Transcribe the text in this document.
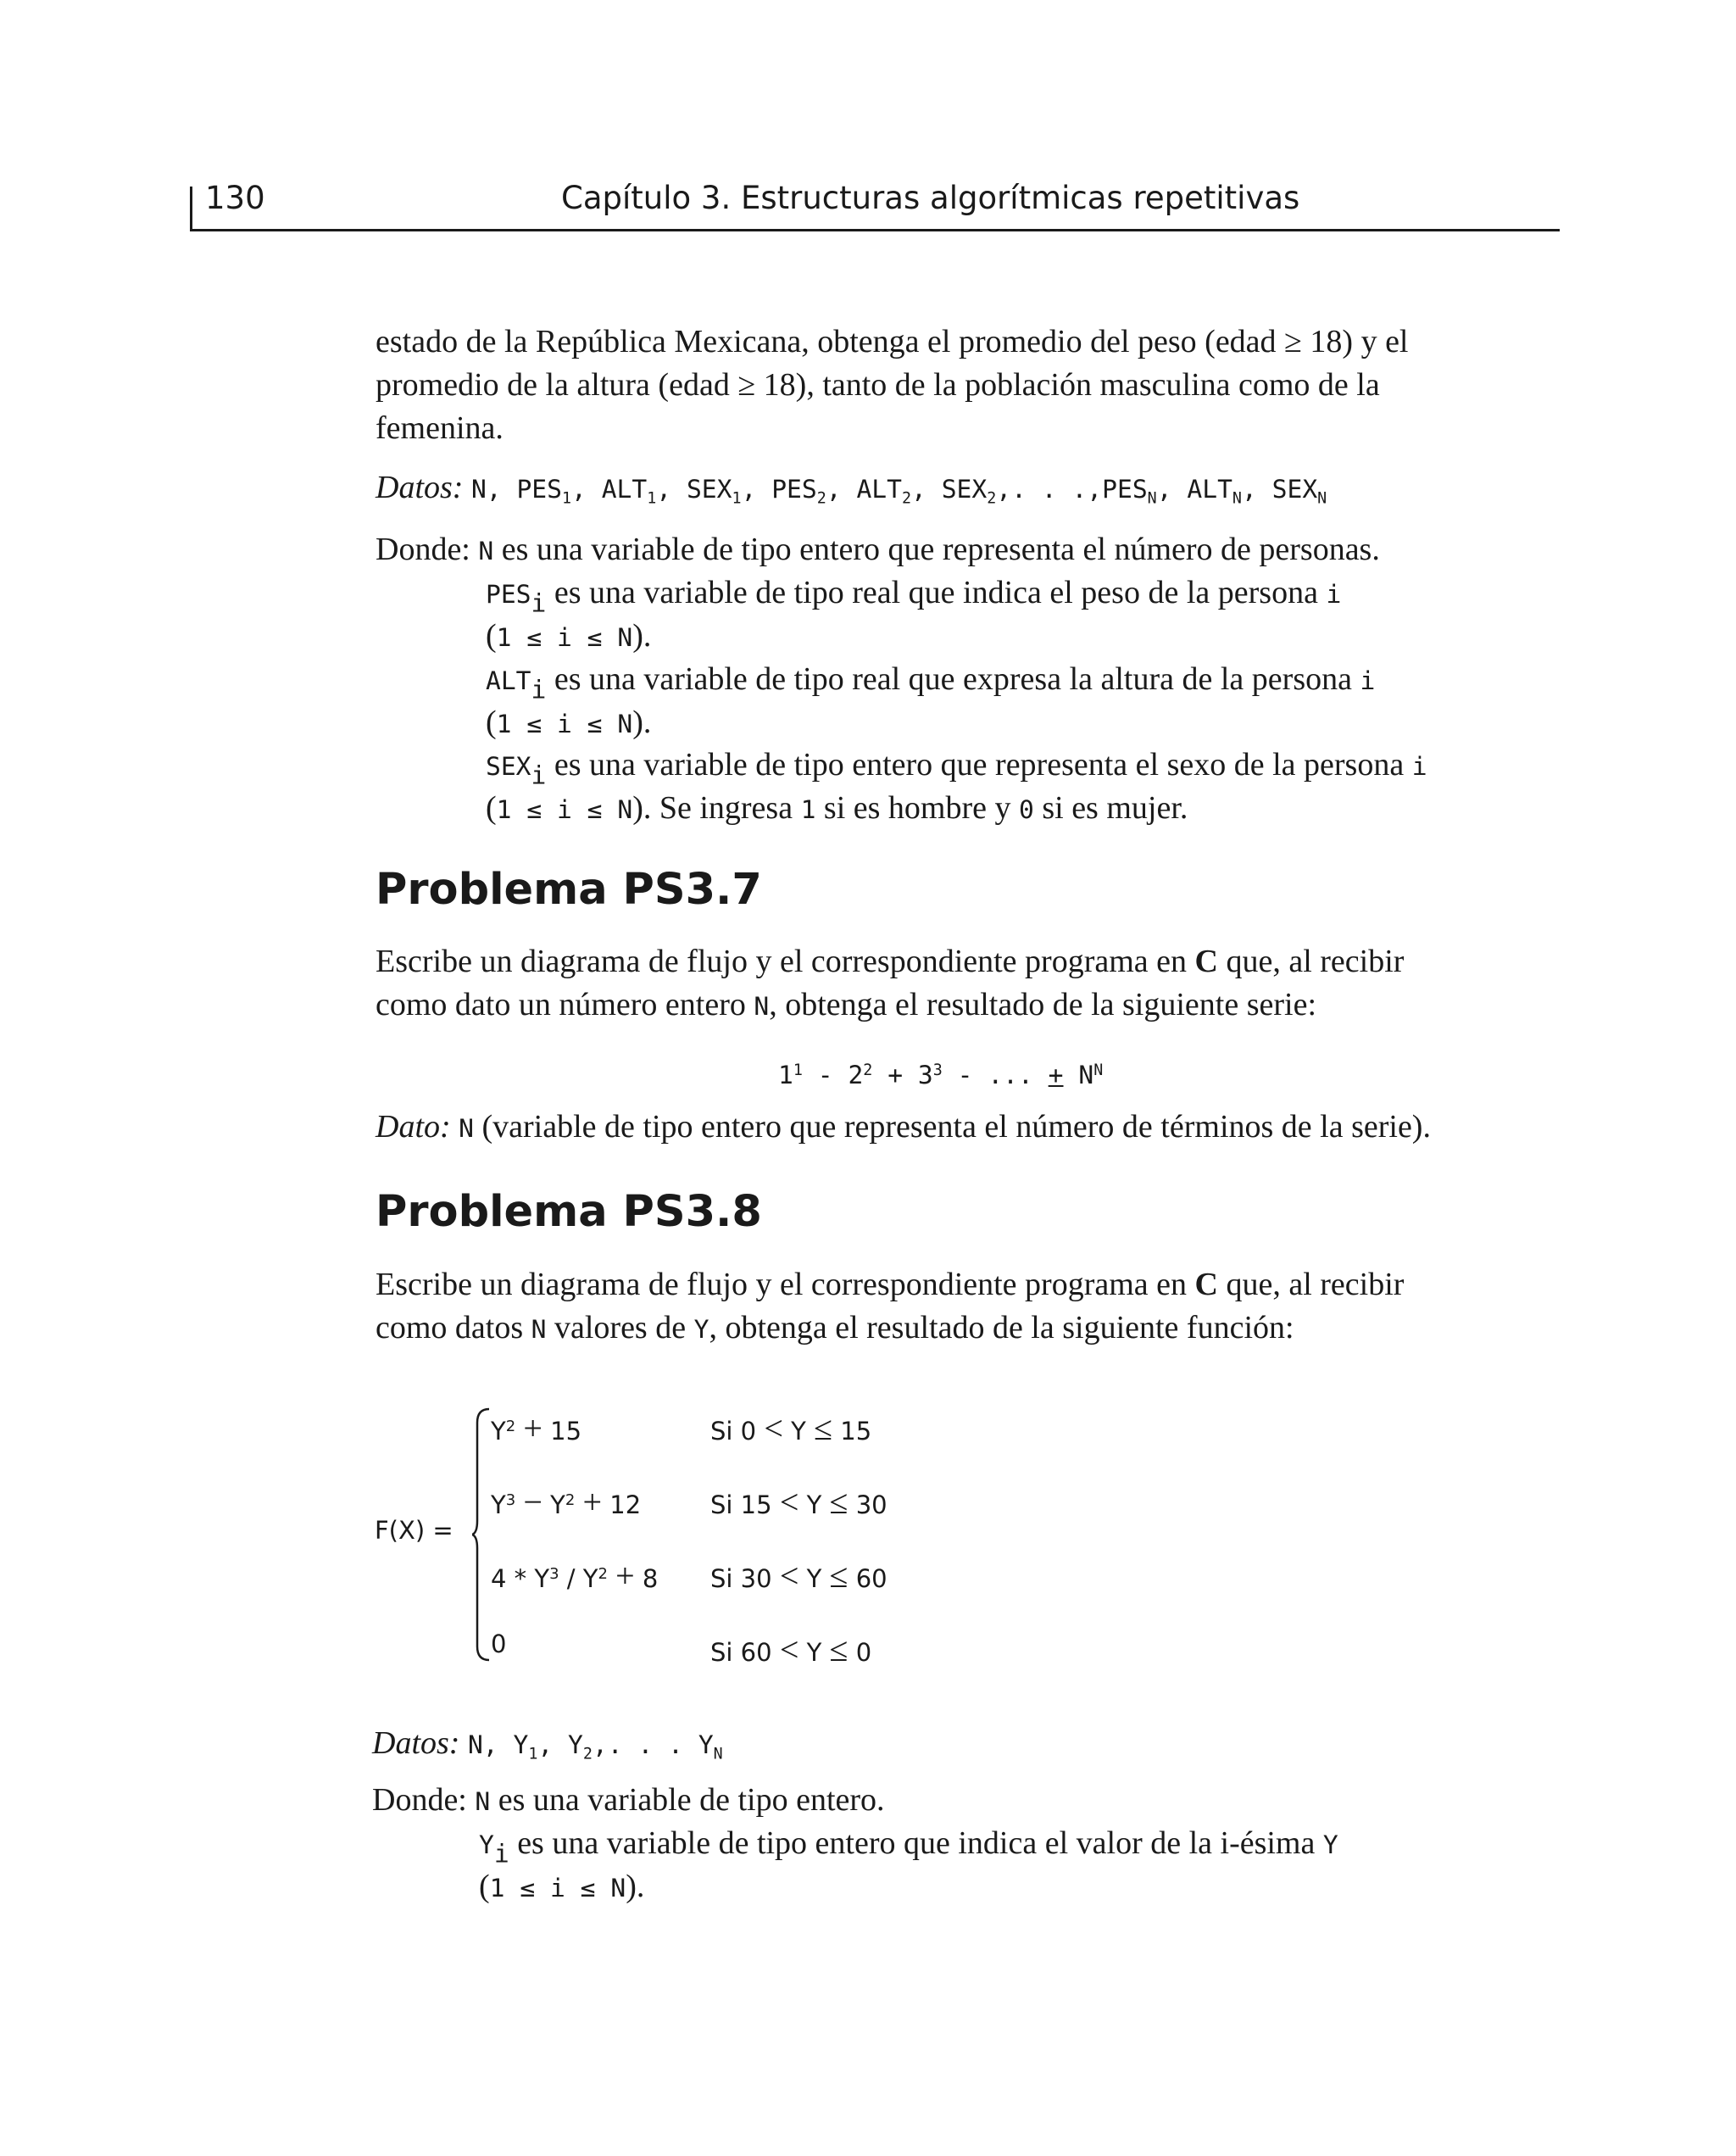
130	Capítulo 3. Estructuras algorítmicas repetitivas
estado de la República Mexicana, obtenga el promedio del peso (edad ≥ 18) y el
promedio de la altura (edad ≥ 18), tanto de la población masculina como de la
femenina.
Datos: N, $PES_1$, $ALT_1$, $SEX_1$, $PES_2$, $ALT_2$, $SEX_2$,. . $.,PES_N$, $ALT_N$, $SEX_N$
Donde: N es una variable de tipo entero que representa el número de personas.
$PES_i$ es una variable de tipo real que indica el peso de la persona i
(1 ≤ i ≤ N).
$ALT_i$ es una variable de tipo real que expresa la altura de la persona i
(1 ≤ i ≤ N).
$SEX_i$ es una variable de tipo entero que representa el sexo de la persona i
(1 ≤ i ≤ N). Se ingresa 1 si es hombre y 0 si es mujer.
Problema PS3.7
Escribe un diagrama de flujo y el correspondiente programa en C que, al recibir
como dato un número entero N, obtenga el resultado de la siguiente serie:
$1^1 - 2^2 + 3^3$ - ... + $N^N$
Dato: N (variable de tipo entero que representa el número de términos de la serie).
Problema PS3.8
Escribe un diagrama de flujo y el correspondiente programa en C que, al recibir
como datos N valores de Y, obtenga el resultado de la siguiente función:
F(X) =
$Y^2 + 15$	Si 0 < Y ≤ 15
$Y^3 - Y^2 + 12$	Si 15 < Y ≤ 30
$4 * Y^3 / Y^2 + 8$ Si 30 < Y ≤ 60
0	Si 60 < Y ≤ 0
Datos: N, $Y_1$, $Y_2$,. . . $Y_N$
Donde: N es una variable de tipo entero.
$Y_i$ es una variable de tipo entero que indica el valor de la i-ésima Y
(1 ≤ i ≤ N).
